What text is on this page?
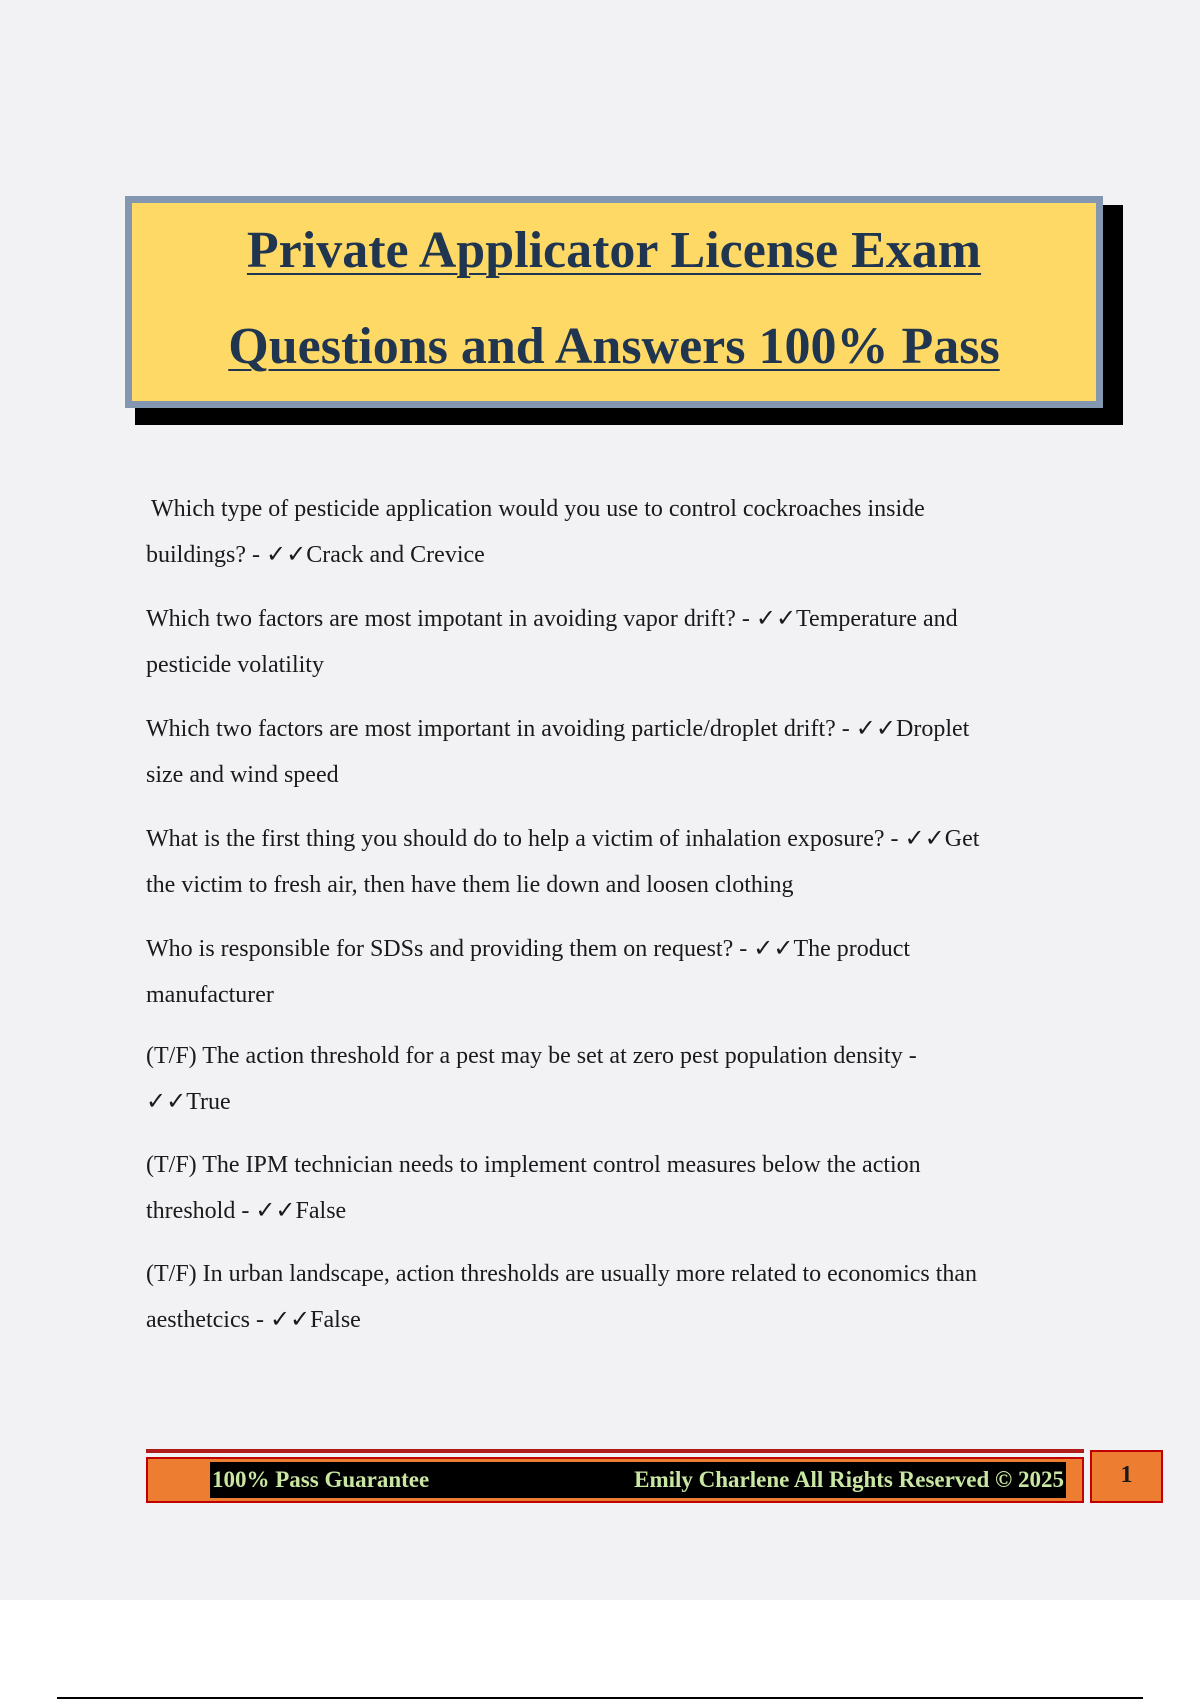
Private Applicator License Exam
Questions and Answers 100% Pass
Which type of pesticide application would you use to control cockroaches inside
buildings? - ✓✓Crack and Crevice
Which two factors are most impotant in avoiding vapor drift? - ✓✓Temperature and
pesticide volatility
Which two factors are most important in avoiding particle/droplet drift? - ✓✓Droplet
size and wind speed
What is the first thing you should do to help a victim of inhalation exposure? - ✓✓Get
the victim to fresh air, then have them lie down and loosen clothing
Who is responsible for SDSs and providing them on request? - ✓✓The product
manufacturer
(T/F) The action threshold for a pest may be set at zero pest population density -
✓✓True
(T/F) The IPM technician needs to implement control measures below the action
threshold - ✓✓False
(T/F) In urban landscape, action thresholds are usually more related to economics than
aesthetcics - ✓✓False
100% Pass Guarantee	Emily Charlene All Rights Reserved © 2025	1
